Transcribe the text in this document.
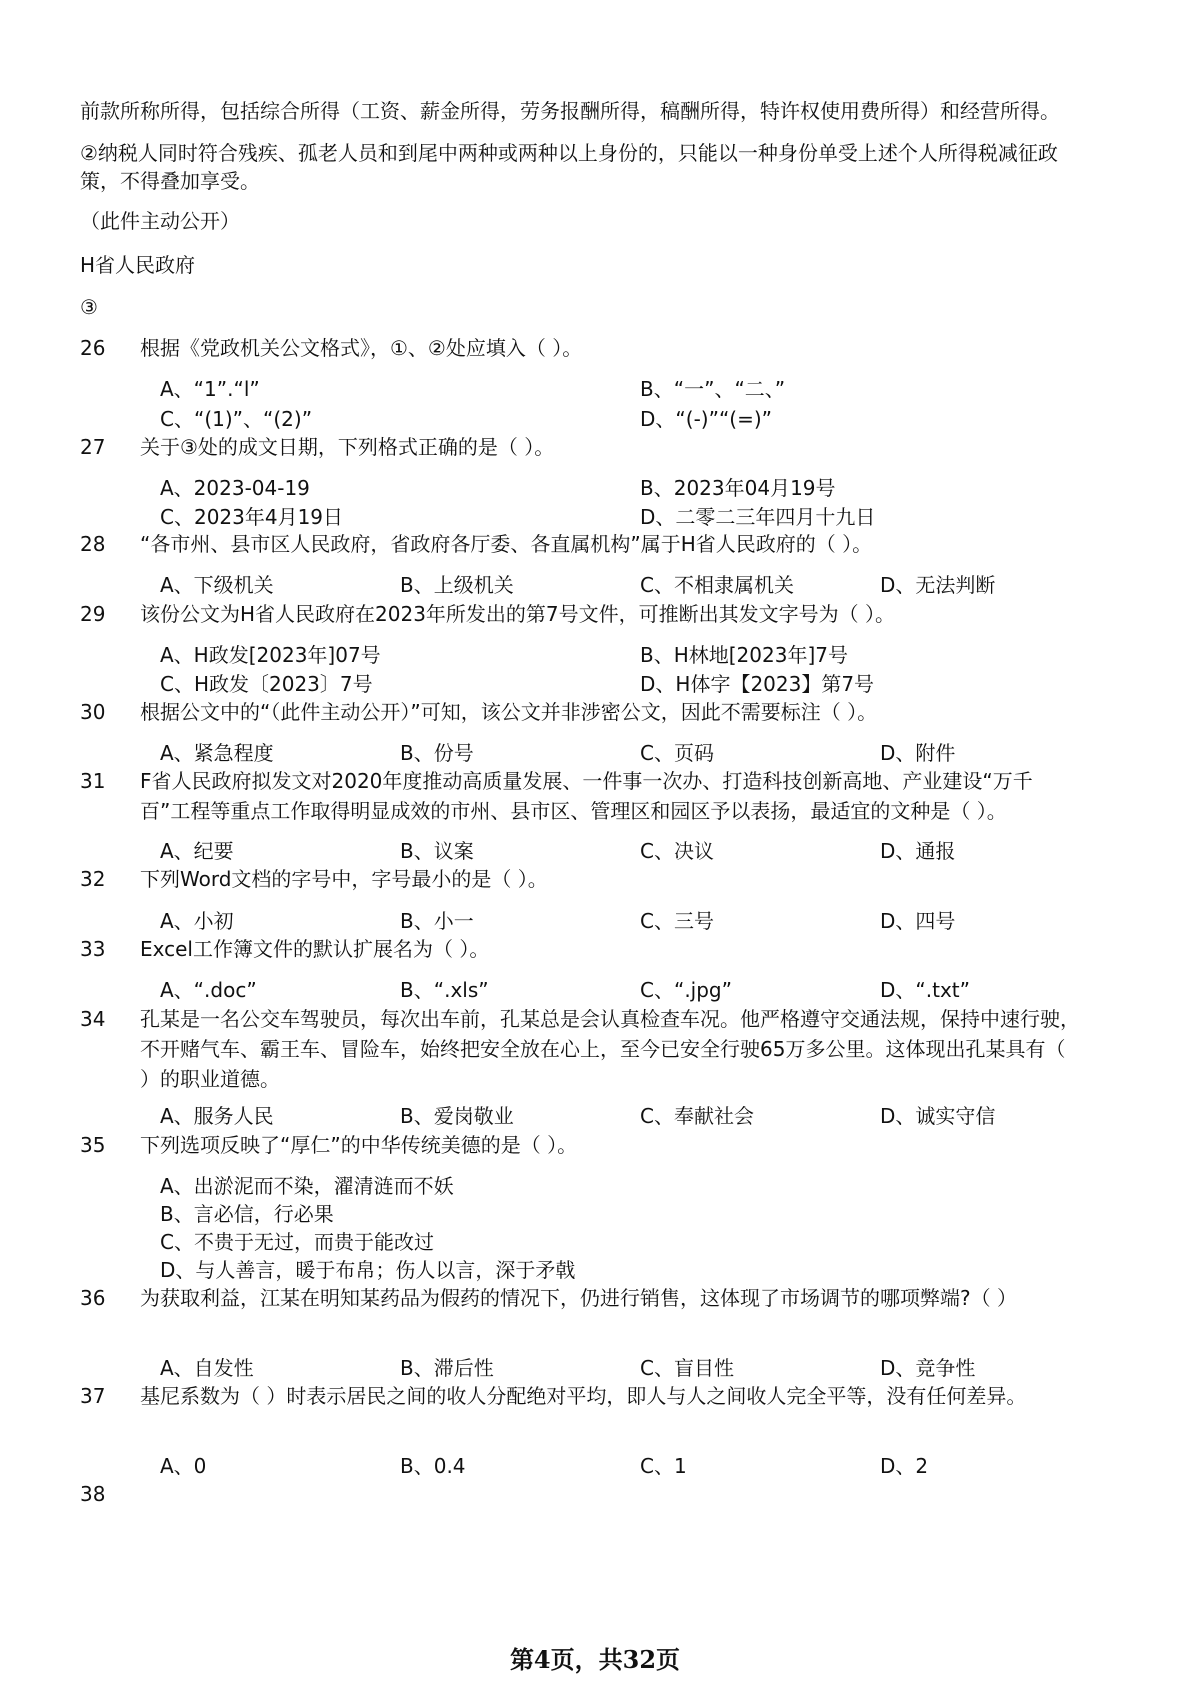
前款所称所得，包括综合所得（工资、薪金所得，劳务报酬所得，稿酬所得，特许权使用费所得）和经营所得。
②纳税人同时符合残疾、孤老人员和到尾中两种或两种以上身份的，只能以一种身份单受上述个人所得税减征政
策，不得叠加享受。
（此件主动公开）
H省人民政府
③
26 根据《党政机关公文格式》，①、②处应填入（ ）。
A、“1”.“l”	B、“一”、“二、”
C、“(1)”、“(2)”	D、“(-)”“(=)”
27 关于③处的成文日期，下列格式正确的是（ ）。
A、2023-04-19	B、2023年04月19号
C、2023年4月19日	D、二零二三年四月十九日
28 “各市州、县市区人民政府，省政府各厅委、各直属机构”属于H省人民政府的（ ）。
A、下级机关	B、上级机关	C、不相隶属机关	D、无法判断
29 该份公文为H省人民政府在2023年所发出的第7号文件，可推断出其发文字号为（ ）。
A、H政发[2023年]07号	B、H林地[2023年]7号
C、H政发〔2023〕7号	D、H体字【2023】第7号
30 根据公文中的“（此件主动公开）”可知，该公文并非涉密公文，因此不需要标注（ ）。
A、紧急程度	B、份号	C、页码	D、附件
31 F省人民政府拟发文对2020年度推动高质量发展、一件事一次办、打造科技创新高地、产业建设“万千百”工程等重点工作取得明显成效的市州、县市区、管理区和园区予以表扬，最适宜的文种是（ ）。
A、纪要	B、议案	C、决议	D、通报
32 下列Word文档的字号中，字号最小的是（ ）。
A、小初	B、小一	C、三号	D、四号
33 Excel工作簿文件的默认扩展名为（ ）。
A、“.doc”	B、“.xls”	C、“.jpg”	D、“.txt”
34 孔某是一名公交车驾驶员，每次出车前，孔某总是会认真检查车况。他严格遵守交通法规，保持中速行驶，不开赌气车、霸王车、冒险车，始终把安全放在心上，至今已安全行驶65万多公里。这体现出孔某具有（ ）的职业道德。
A、服务人民	B、爱岗敬业	C、奉献社会	D、诚实守信
35 下列选项反映了“厚仁”的中华传统美德的是（ ）。
A、出淤泥而不染，濯清涟而不妖
B、言必信，行必果
C、不贵于无过，而贵于能改过
D、与人善言，暖于布帛；伤人以言，深于矛戟
36 为获取利益，江某在明知某药品为假药的情况下，仍进行销售，这体现了市场调节的哪项弊端?（ ）
A、自发性	B、滞后性	C、盲目性	D、竞争性
37 基尼系数为（ ）时表示居民之间的收人分配绝对平均，即人与人之间收人完全平等，没有任何差异。
A、0	B、0.4	C、1	D、2
38
第4页，共32页
